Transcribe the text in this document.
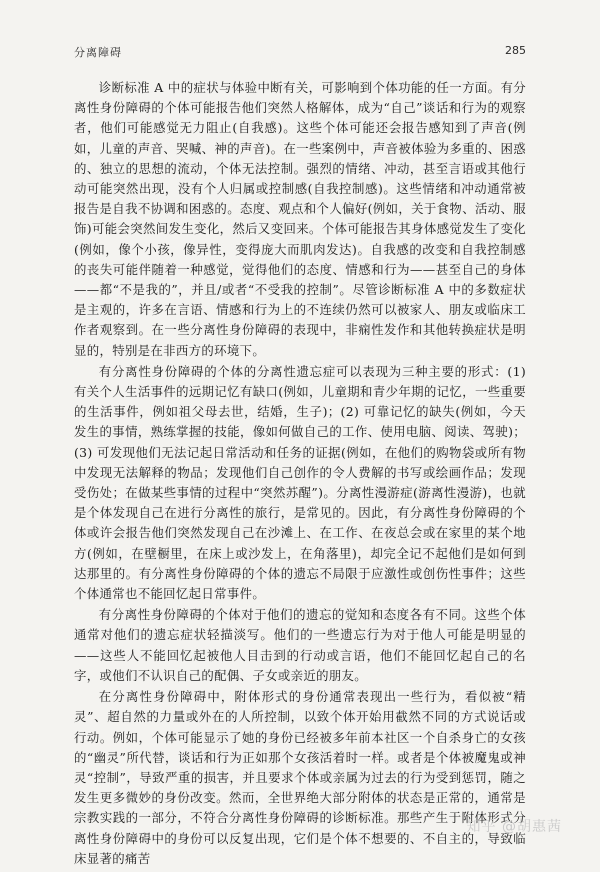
分离障碍	285

诊断标准 A 中的症状与体验中断有关，可影响到个体功能的任一方面。有分离性身份障碍的个体可能报告他们突然人格解体，成为“自己”谈话和行为的观察者，他们可能感觉无力阻止(自我感)。这些个体可能还会报告感知到了声音(例如，儿童的声音、哭喊、神的声音)。在一些案例中，声音被体验为多重的、困惑的、独立的思想的流动，个体无法控制。强烈的情绪、冲动，甚至言语或其他行动可能突然出现，没有个人归属或控制感(自我控制感)。这些情绪和冲动通常被报告是自我不协调和困惑的。态度、观点和个人偏好(例如，关于食物、活动、服饰)可能会突然间发生变化，然后又变回来。个体可能报告其身体感觉发生了变化(例如，像个小孩，像异性，变得庞大而肌肉发达)。自我感的改变和自我控制感的丧失可能伴随着一种感觉，觉得他们的态度、情感和行为——甚至自己的身体——都“不是我的”，并且/或者“不受我的控制”。尽管诊断标准 A 中的多数症状是主观的，许多在言语、情感和行为上的不连续仍然可以被家人、朋友或临床工作者观察到。在一些分离性身份障碍的表现中，非痫性发作和其他转换症状是明显的，特别是在非西方的环境下。

有分离性身份障碍的个体的分离性遗忘症可以表现为三种主要的形式：(1) 有关个人生活事件的远期记忆有缺口(例如，儿童期和青少年期的记忆，一些重要的生活事件，例如祖父母去世，结婚，生子)；(2) 可靠记忆的缺失(例如，今天发生的事情，熟练掌握的技能，像如何做自己的工作、使用电脑、阅读、驾驶)；(3) 可发现他们无法记起日常活动和任务的证据(例如，在他们的购物袋或所有物中发现无法解释的物品；发现他们自己创作的令人费解的书写或绘画作品；发现受伤处；在做某些事情的过程中“突然苏醒”)。分离性漫游症(游离性漫游)，也就是个体发现自己在进行分离性的旅行，是常见的。因此，有分离性身份障碍的个体或许会报告他们突然发现自己在沙滩上、在工作、在夜总会或在家里的某个地方(例如，在壁橱里，在床上或沙发上，在角落里)，却完全记不起他们是如何到达那里的。有分离性身份障碍的个体的遗忘不局限于应激性或创伤性事件；这些个体通常也不能回忆起日常事件。

有分离性身份障碍的个体对于他们的遗忘的觉知和态度各有不同。这些个体通常对他们的遗忘症状轻描淡写。他们的一些遗忘行为对于他人可能是明显的——这些人不能回忆起被他人目击到的行动或言语，他们不能回忆起自己的名字，或他们不认识自己的配偶、子女或亲近的朋友。

在分离性身份障碍中，附体形式的身份通常表现出一些行为，看似被“精灵”、超自然的力量或外在的人所控制，以致个体开始用截然不同的方式说话或行动。例如，个体可能显示了她的身份已经被多年前本社区一个自杀身亡的女孩的“幽灵”所代替，谈话和行为正如那个女孩活着时一样。或者是个体被魔鬼或神灵“控制”，导致严重的损害，并且要求个体或亲属为过去的行为受到惩罚，随之发生更多微妙的身份改变。然而，全世界绝大部分附体的状态是正常的，通常是宗教实践的一部分，不符合分离性身份障碍的诊断标准。那些产生于附体形式分离性身份障碍中的身份可以反复出现，它们是个体不想要的、不自主的，导致临床显著的痛苦

知乎 @胡惠茜
